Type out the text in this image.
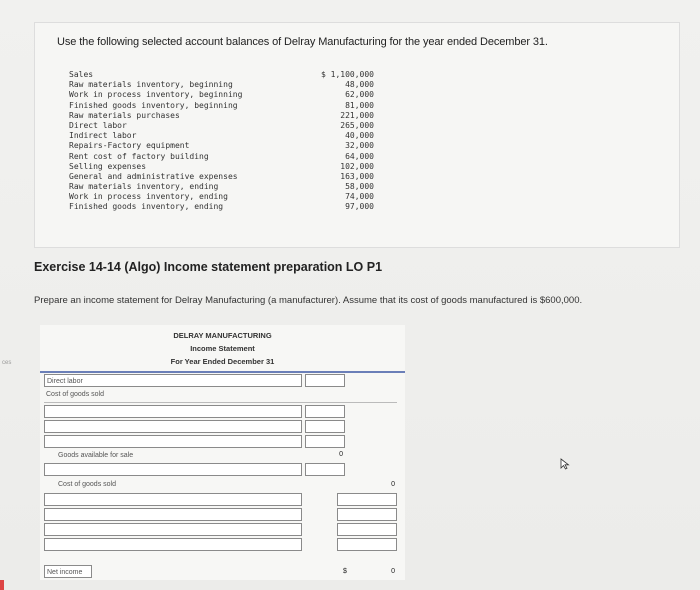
ces
Use the following selected account balances of Delray Manufacturing for the year ended December 31.
Sales	$ 1,100,000
Raw materials inventory, beginning	48,000
Work in process inventory, beginning	62,000
Finished goods inventory, beginning	81,000
Raw materials purchases	221,000
Direct labor	265,000
Indirect labor	40,000
Repairs-Factory equipment	32,000
Rent cost of factory building	64,000
Selling expenses	102,000
General and administrative expenses	163,000
Raw materials inventory, ending	58,000
Work in process inventory, ending	74,000
Finished goods inventory, ending	97,000
Exercise 14-14 (Algo) Income statement preparation LO P1
Prepare an income statement for Delray Manufacturing (a manufacturer). Assume that its cost of goods manufactured is $600,000.
DELRAY MANUFACTURING
Income Statement
For Year Ended December 31
Direct labor
Cost of goods sold
Goods available for sale	0
Cost of goods sold	0
Net income	$	0
